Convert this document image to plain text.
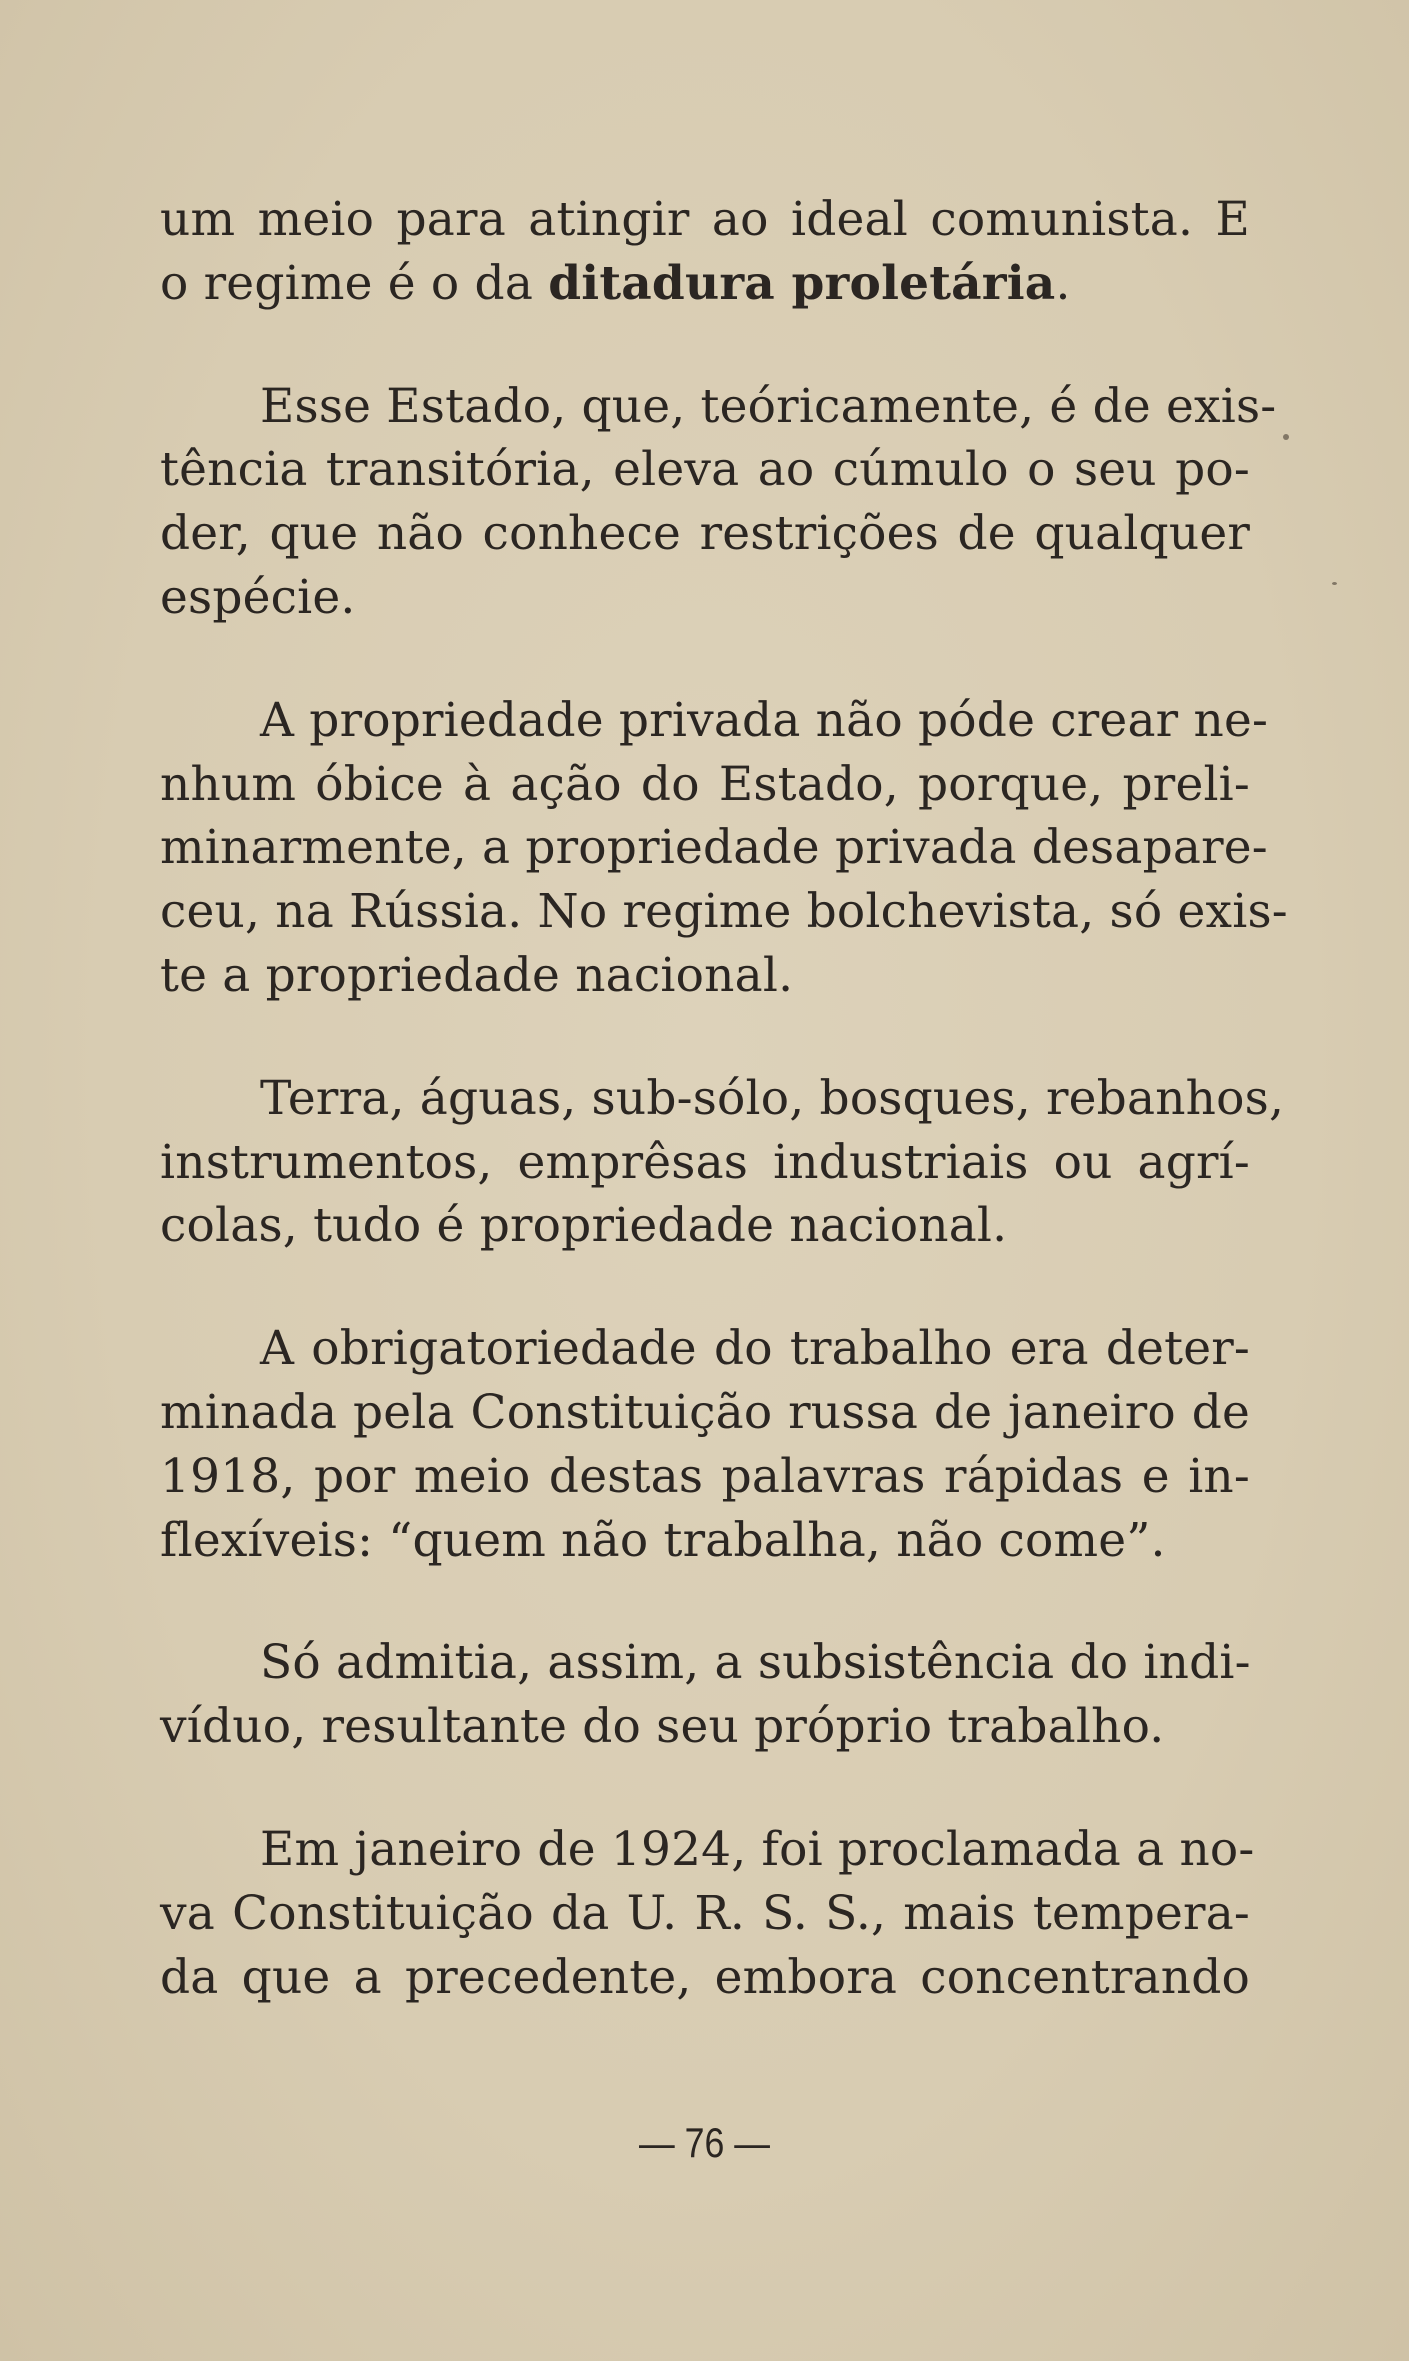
um meio para atingir ao ideal comunista. E
o regime é o da ditadura proletária.
Esse Estado, que, teóricamente, é de exis-
tência transitória, eleva ao cúmulo o seu po-
der, que não conhece restrições de qualquer
espécie.
A propriedade privada não póde crear ne-
nhum óbice à ação do Estado, porque, preli-
minarmente, a propriedade privada desapare-
ceu, na Rússia. No regime bolchevista, só exis-
te a propriedade nacional.
Terra, águas, sub-sólo, bosques, rebanhos,
instrumentos, emprêsas industriais ou agrí-
colas, tudo é propriedade nacional.
A obrigatoriedade do trabalho era deter-
minada pela Constituição russa de janeiro de
1918, por meio destas palavras rápidas e in-
flexíveis: “quem não trabalha, não come”.
Só admitia, assim, a subsistência do indi-
víduo, resultante do seu próprio trabalho.
Em janeiro de 1924, foi proclamada a no-
va Constituição da U. R. S. S., mais tempera-
da que a precedente, embora concentrando
— 76 —
